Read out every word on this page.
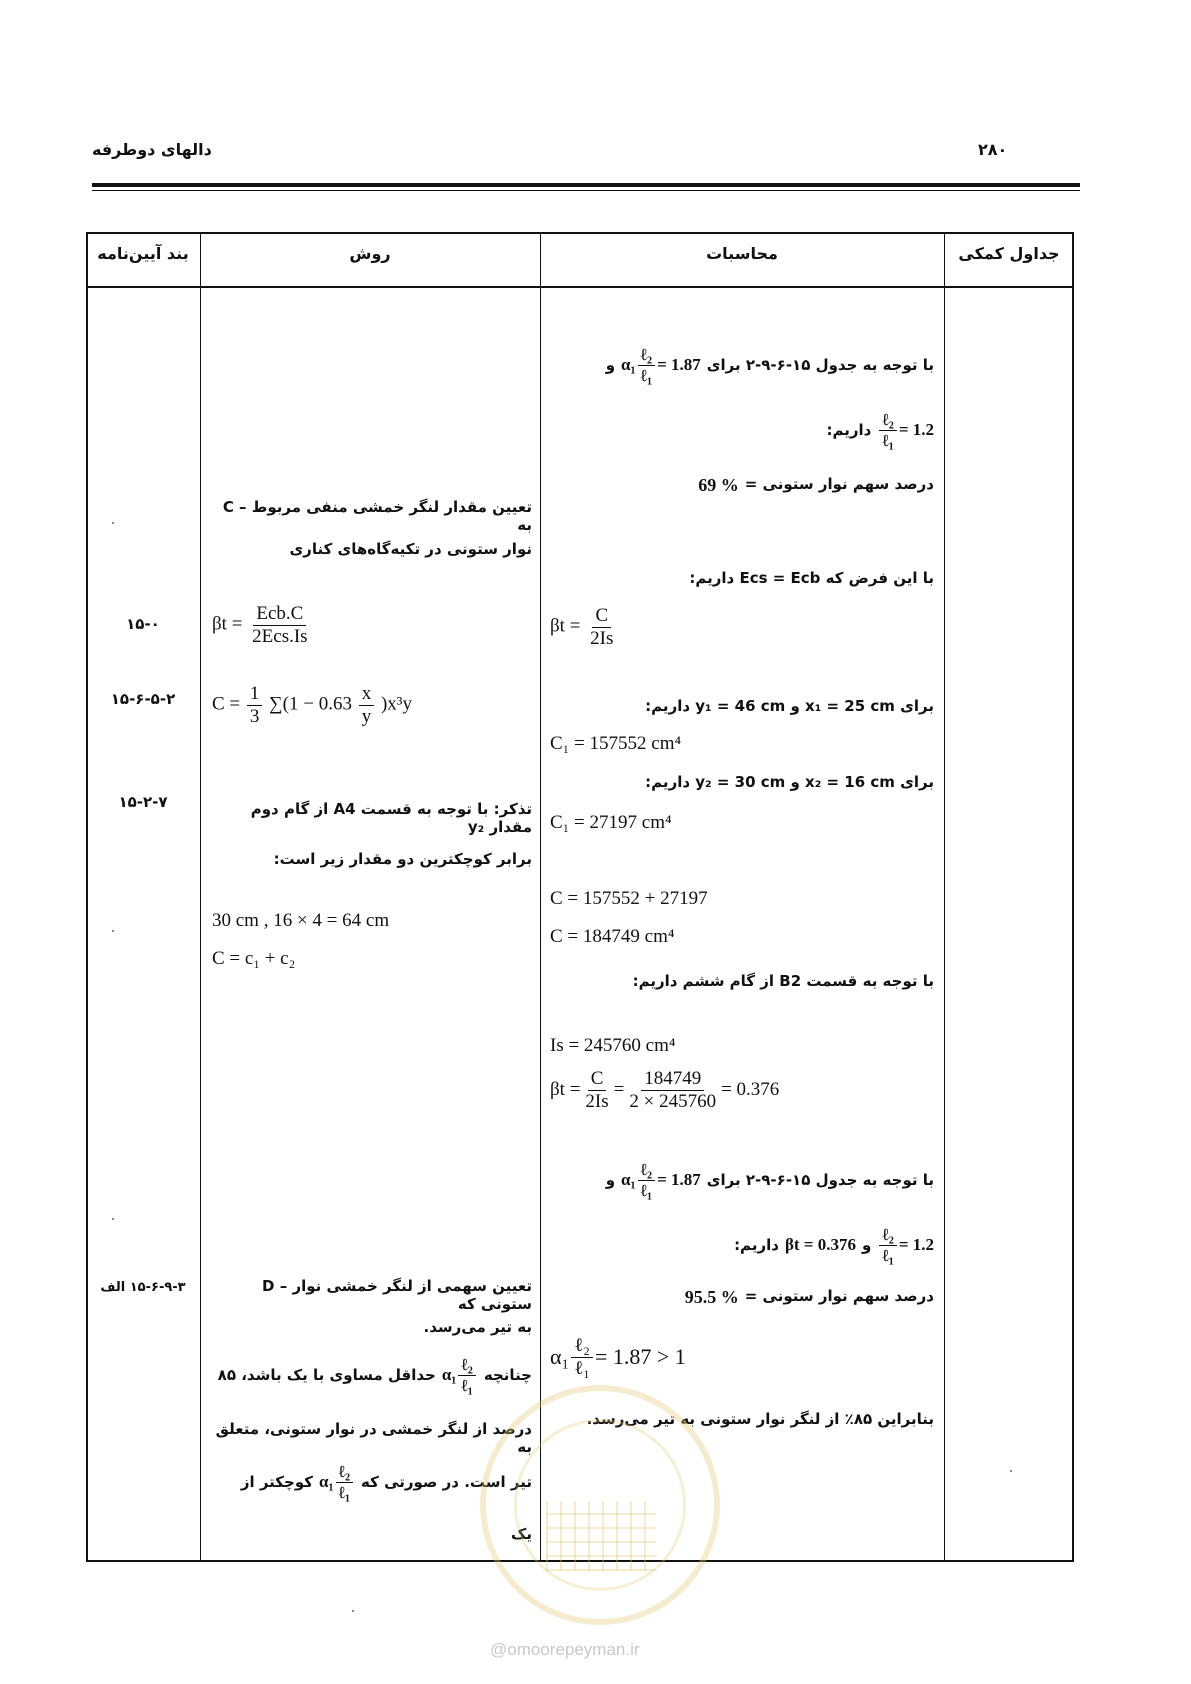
۲۸۰
دالهای دوطرفه
جداول کمکی
محاسبات
روش
بند آیین‌نامه
۱۵-۰
۱۵-۶-۵-۲
۱۵-۲-۷
۱۵-۶-۹-۳ الف
C – تعیین مقدار لنگر خمشی منفی مربوط به
نوار ستونی در تکیه‌گاه‌های کناری
$\beta t = \frac{\text{Ecb.C}}{\text{2Ecs.Is}}$
$C = \frac{1}{3} \sum(1 - 0.63 \frac{x}{y} )x^3y$
تذکر: با توجه به قسمت A4 از گام دوم مقدار y₂
برابر کوچکترین دو مقدار زیر است:
30 cm , 16 × 4 = 64 cm
C = c₁ + c₂
D – تعیین سهمی از لنگر خمشی نوار ستونی که
به تیر می‌رسد.
چنانچه
$\alpha_1 \frac{\text{ℓ₂}}{\text{ℓ₁}}$
حداقل مساوی با یک باشد، ۸۵
درصد از لنگر خمشی در نوار ستونی، متعلق به
تیر است. در صورتی که
$\alpha_1 \frac{\text{ℓ₂}}{\text{ℓ₁}}$
کوچکتر از
یک
با توجه به جدول ۱۵-۶-۹-۲ برای
$\alpha_1 \frac{\text{ℓ₂}}{\text{ℓ₁}} = 1.87$
و
$\frac{\text{ℓ₂}}{\text{ℓ₁}} = 1.2$
داریم:
درصد سهم نوار ستونی =
69 %
با این فرض که Ecs = Ecb داریم:
$\beta t = \frac{C}{2Is}$
برای x₁ = 25 cm و y₁ = 46 cm داریم:
C₁ = 157552 cm⁴
برای x₂ = 16 cm و y₂ = 30 cm داریم:
C₁ = 27197 cm⁴
C = 157552 + 27197
C = 184749 cm⁴
با توجه به قسمت B2 از گام ششم داریم:
Is = 245760 cm⁴
$\beta t = \frac{C}{2Is} = \frac{184749}{2 \times 245760} = 0.376$
با توجه به جدول ۱۵-۶-۹-۲ برای
$\alpha_1 \frac{\text{ℓ₂}}{\text{ℓ₁}} = 1.87$
و
$\frac{\text{ℓ₂}}{\text{ℓ₁}} = 1.2$
و
βt = 0.376
داریم:
درصد سهم نوار ستونی =
95.5 %
$\alpha_1 \frac{\text{ℓ₂}}{\text{ℓ₁}} = 1.87 > 1$
بنابراین ۸۵٪ از لنگر نوار ستونی به تیر می‌رسد.
@omoorepeyman.ir
